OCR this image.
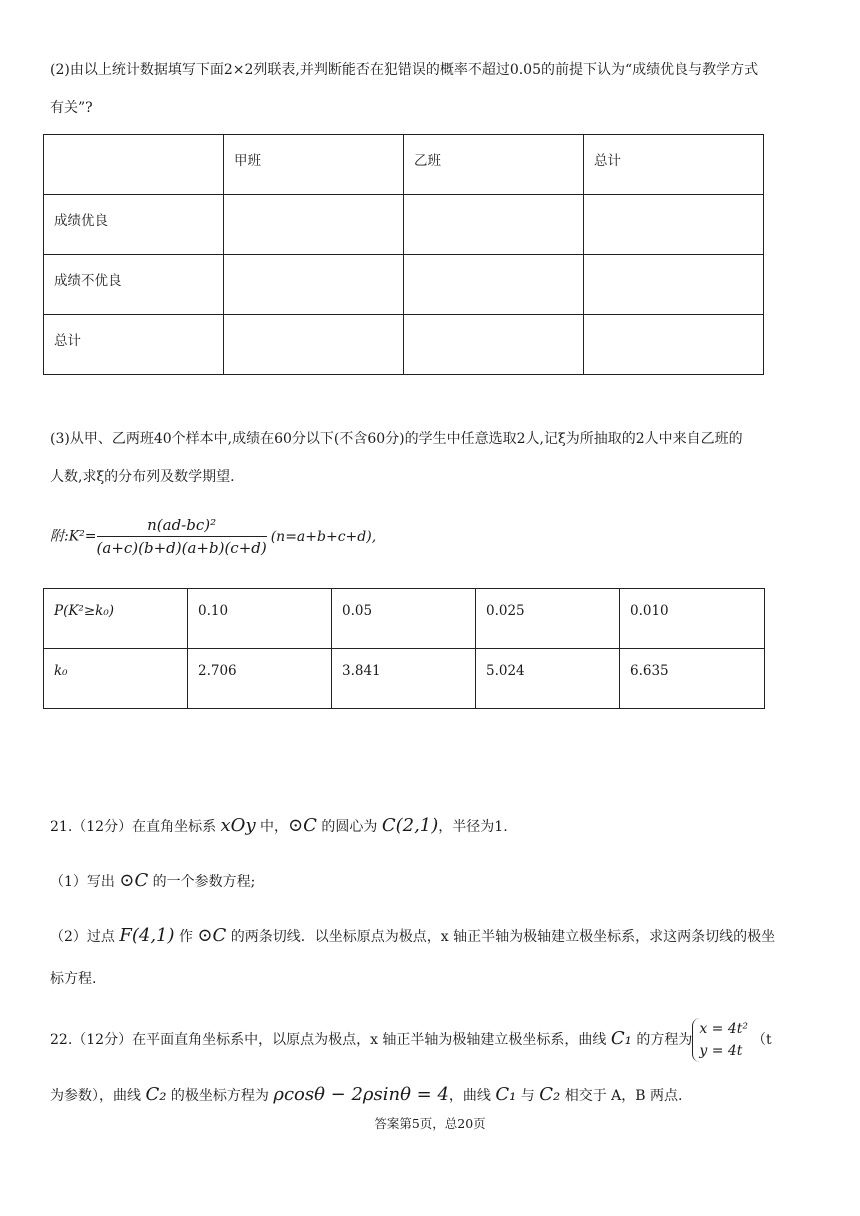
(2)由以上统计数据填写下面2×2列联表,并判断能否在犯错误的概率不超过0.05的前提下认为“成绩优良与教学方式
有关”?
	甲班	乙班	总计
成绩优良			
成绩不优良			
总计			
(3)从甲、乙两班40个样本中,成绩在60分以下(不含60分)的学生中任意选取2人,记ξ为所抽取的2人中来自乙班的
人数,求ξ的分布列及数学期望.
附:K²= $\frac{\text{n(ad-bc)²}}{(a+c)(b+d)(a+b)(c+d)} (n=a+b+c+d)$,
P(K²≥k₀)	0.10	0.05	0.025	0.010
k₀	2.706	3.841	5.024	6.635
21.（12分）在直角坐标系 xOy 中，⊙C 的圆心为 C(2,1)，半径为1.
（1）写出 ⊙C 的一个参数方程;
（2）过点 F(4,1) 作 ⊙C 的两条切线．以坐标原点为极点，x 轴正半轴为极轴建立极坐标系，求这两条切线的极坐
标方程.
22.（12分）在平面直角坐标系中，以原点为极点，x 轴正半轴为极轴建立极坐标系，曲线 C₁ 的方程为
x = 4t²
y = 4t
（t
为参数），曲线 C₂ 的极坐标方程为 ρcosθ − 2ρsinθ = 4，曲线 C₁ 与 C₂ 相交于 A，B 两点.
答案第5页，总20页
